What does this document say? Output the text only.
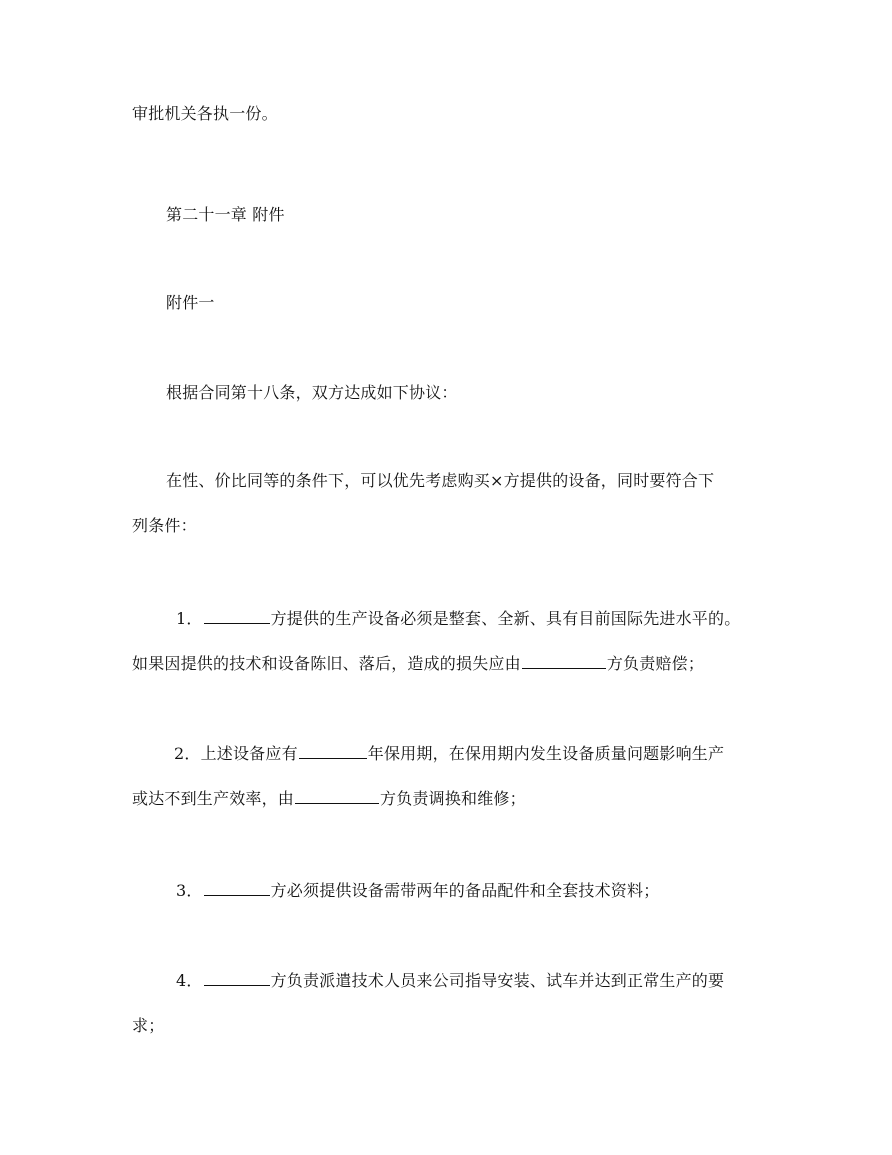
审批机关各执一份。
第二十一章 附件
附件一
根据合同第十八条，双方达成如下协议：
在性、价比同等的条件下，可以优先考虑购买×方提供的设备，同时要符合下
列条件：
1．	方提供的生产设备必须是整套、全新、具有目前国际先进水平的。
如果因提供的技术和设备陈旧、落后，造成的损失应由	方负责赔偿；
2．上述设备应有	年保用期，在保用期内发生设备质量问题影响生产
或达不到生产效率，由	方负责调换和维修；
3．	方必须提供设备需带两年的备品配件和全套技术资料；
4．	方负责派遣技术人员来公司指导安装、试车并达到正常生产的要
求；
